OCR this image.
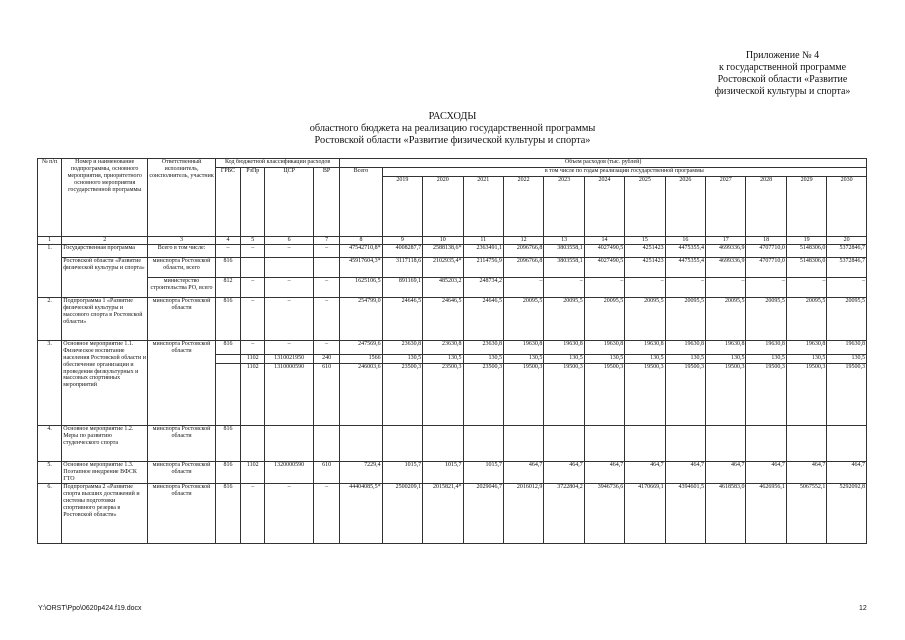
Приложение № 4
к государственной программе
Ростовской области «Развитие
физической культуры и спорта»
РАСХОДЫ
областного бюджета на реализацию государственной программы
Ростовской области «Развитие физической культуры и спорта»
№ п/п	Номер и наименование подпрограммы, основного мероприятия, приоритетного основного мероприятия государственной программы	Ответственный исполнитель, соисполнитель, участник	Код бюджетной классификации расходов				Объем расходов (тыс. рублей)												
			ГРБС	РзПр	ЦСР	ВР	Всего	в том числе по годам реализации государственной программы											
								2019	2020	2021	2022	2023	2024	2025	2026	2027	2028	2029	2030
1	2	3	4	5	6	7	8	9	10	11	12	13	14	15	16	17	18	19	20
1.	Государственная программа	Всего в том числе:	–	–	–	–	47542710,8*	4008287,7	2588138,6*	2363491,1	2096766,8	3803558,1	4027490,5	4251423	4475355,4	4699336,9	4707710,0	5148306,0	5372846,7
	Ростовской области «Развитие физической культуры и спорта»	минспорта Ростовской области, всего	816				45917604,3*	3117118,6	2102935,4*	2114756,9	2096766,8	3803558,1	4027490,5	4251423	4475355,4	4699336,9	4707710,0	5148306,0	5372846,7
		министерство строительства РО, всего	812	–	–	–	1625106,5	891169,1	485203,2	248734,2	–	–	–	–	–	–	–	–	–
2.	Подпрограмма 1 «Развитие физической культуры и массового спорта в Ростовской области»	минспорта Ростовской области	816	–	–	–	254799,0	24646,5	24646,5	24646,5	20095,5	20095,5	20095,5	20095,5	20095,5	20095,5	20095,5	20095,5	20095,5
3.	Основное мероприятие 1.1. Физическое воспитание населения Ростовской области и обеспечение организации и проведения физкультурных и массовых спортивных мероприятий	минспорта Ростовской области	816	–	–	–	247569,6	23630,8	23630,8	23630,8	19630,8	19630,8	19630,8	19630,8	19630,8	19630,8	19630,8	19630,8	19630,8
				1102	1310021950	240	1566	130,5	130,5	130,5	130,5	130,5	130,5	130,5	130,5	130,5	130,5	130,5	130,5
				1102	1310000590	610	246003,6	23500,3	23500,3	23500,3	19500,3	19500,3	19500,3	19500,3	19500,3	19500,3	19500,3	19500,3	19500,3
4.	Основное мероприятие 1.2. Меры по развитию студенческого спорта	минспорта Ростовской области	816																
5.	Основное мероприятие 1.3. Поэтапное внедрение ВФСК ГТО	минспорта Ростовской области	816	1102	1320000590	610	7229,4	1015,7	1015,7	1015,7	464,7	464,7	464,7	464,7	464,7	464,7	464,7	464,7	464,7
6.	Подпрограмма 2 «Развитие спорта высших достижений и системы подготовки спортивного резерва в Ростовской области»	минспорта Ростовской области	816	–	–	–	44404085,5*	2500209,1	2015821,4*	2029046,7	2016012,9	3722804,2	3946736,6	4170669,1	4394601,5	4618583,0	4626956,1	5067552,1	5292092,8
Y:\ORST\Ppo\0620p424.f19.docx	12
